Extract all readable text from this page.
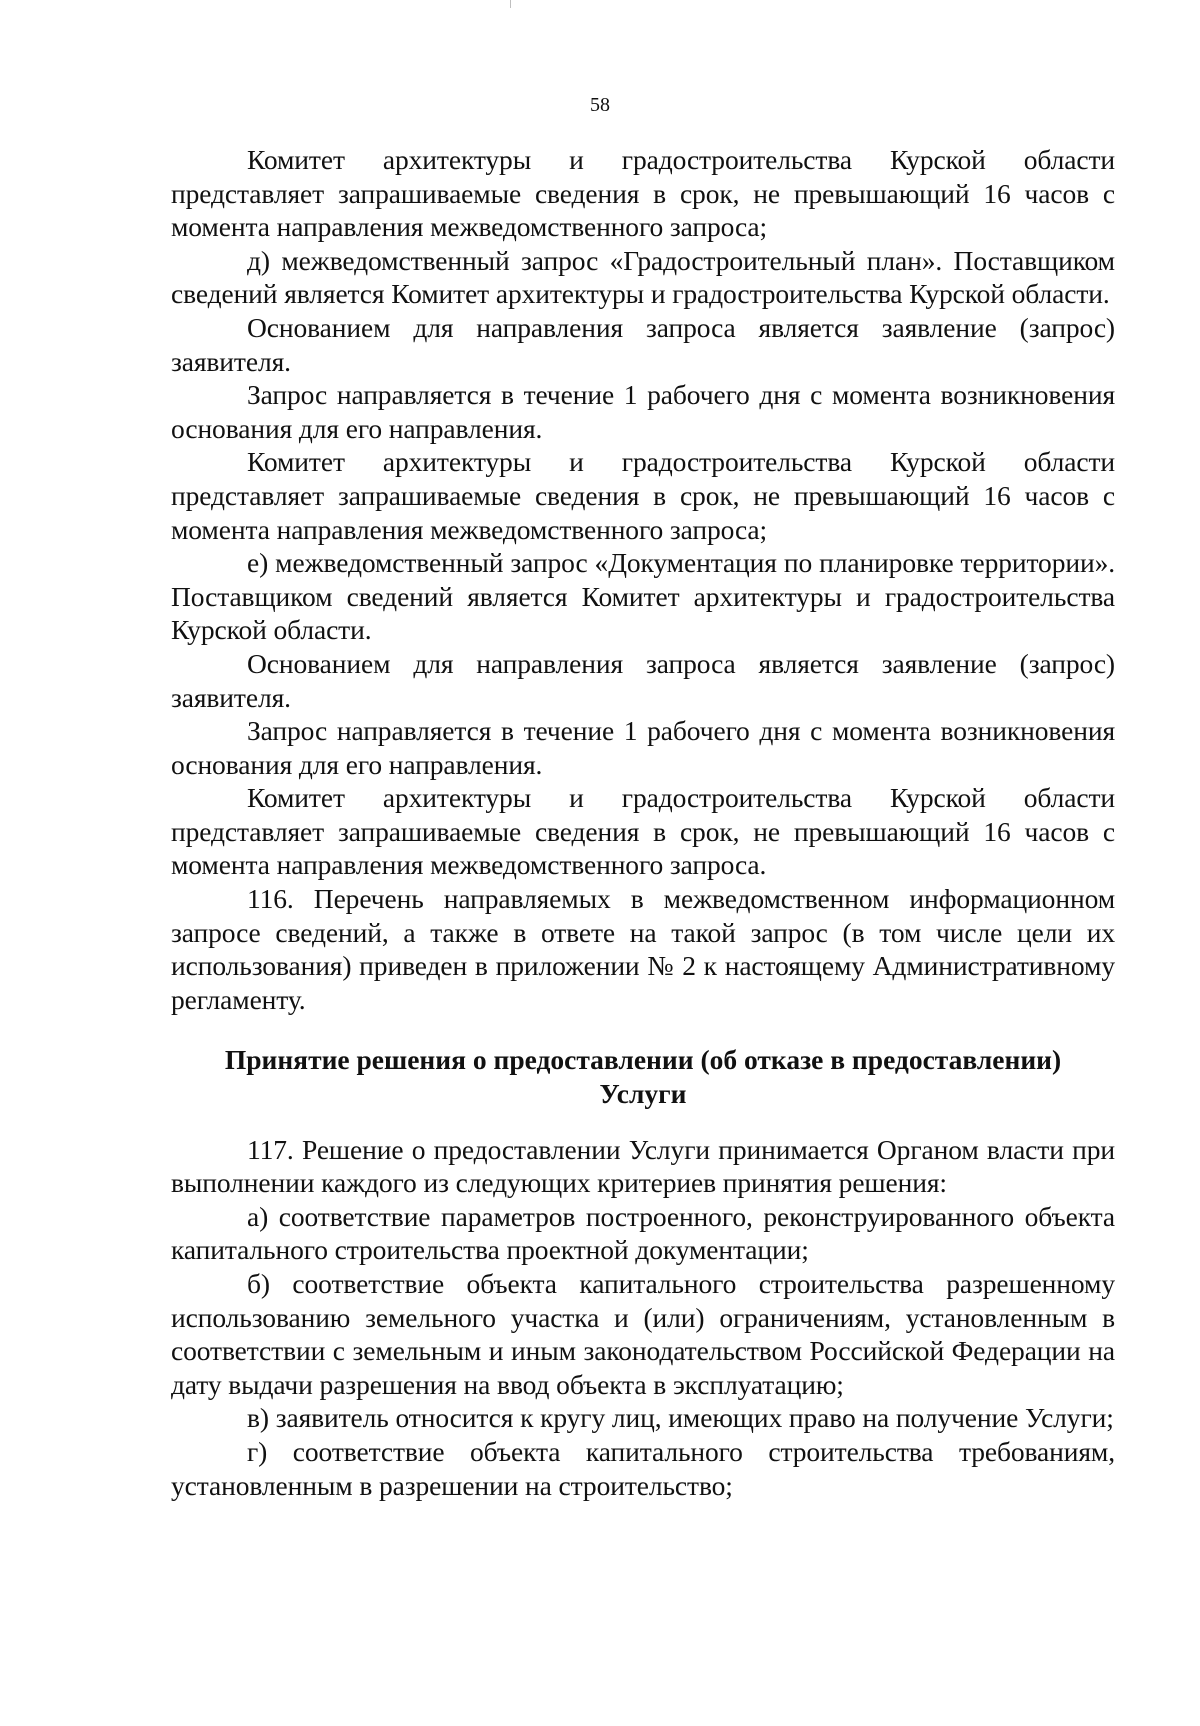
58

Комитет архитектуры и градостроительства Курской области представляет запрашиваемые сведения в срок, не превышающий 16 часов с момента направления межведомственного запроса;

д) межведомственный запрос «Градостроительный план». Поставщиком сведений является Комитет архитектуры и градостроительства Курской области.

Основанием для направления запроса является заявление (запрос) заявителя.

Запрос направляется в течение 1 рабочего дня с момента возникновения основания для его направления.

Комитет архитектуры и градостроительства Курской области представляет запрашиваемые сведения в срок, не превышающий 16 часов с момента направления межведомственного запроса;

е) межведомственный запрос «Документация по планировке территории». Поставщиком сведений является Комитет архитектуры и градостроительства Курской области.

Основанием для направления запроса является заявление (запрос) заявителя.

Запрос направляется в течение 1 рабочего дня с момента возникновения основания для его направления.

Комитет архитектуры и градостроительства Курской области представляет запрашиваемые сведения в срок, не превышающий 16 часов с момента направления межведомственного запроса.

116. Перечень направляемых в межведомственном информационном запросе сведений, а также в ответе на такой запрос (в том числе цели их использования) приведен в приложении № 2 к настоящему Административному регламенту.

Принятие решения о предоставлении (об отказе в предоставлении)
Услуги

117. Решение о предоставлении Услуги принимается Органом власти при выполнении каждого из следующих критериев принятия решения:

а) соответствие параметров построенного, реконструированного объекта капитального строительства проектной документации;

б) соответствие объекта капитального строительства разрешенному использованию земельного участка и (или) ограничениям, установленным в соответствии с земельным и иным законодательством Российской Федерации на дату выдачи разрешения на ввод объекта в эксплуатацию;

в) заявитель относится к кругу лиц, имеющих право на получение Услуги;

г) соответствие объекта капитального строительства требованиям, установленным в разрешении на строительство;
